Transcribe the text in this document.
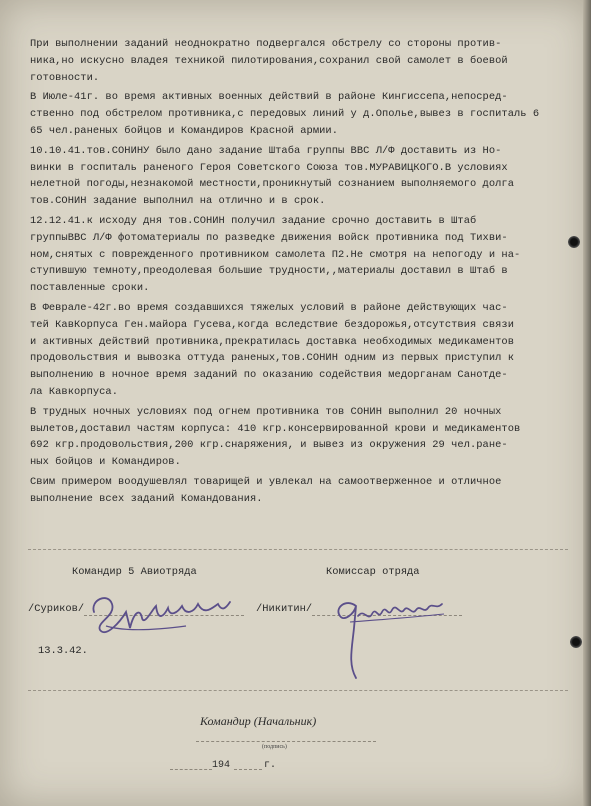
При выполнении заданий неоднократно подвергался обстрелу со стороны против-
ника,но искусно владея техникой пилотирования,сохранил свой самолет в боевой
готовности.
В Июле-41г. во время активных военных действий в районе Кингиссепа,непосред-
ственно под обстрелом противника,с передовых линий у д.Ополье,вывез в госпиталь 6
65 чел.раненых бойцов и Командиров Красной армии.
10.10.41.тов.СОНИНУ было дано задание Штаба группы ВВС Л/Ф доставить из Но-
винки в госпиталь раненого Героя Советского Союза тов.МУРАВИЦКОГО.В условиях
нелетной погоды,незнакомой местности,проникнутый сознанием выполняемого долга
тов.СОНИН задание выполнил на отлично и в срок.
12.12.41.к исходу дня тов.СОНИН получил задание срочно доставить в Штаб
группыВВС Л/Ф фотоматериалы по разведке движения войск противника под Тихви-
ном,снятых с поврежденного противником самолета П2.Не смотря на непогоду и на-
ступившую темноту,преодолевая большие трудности,,материалы доставил в Штаб в
поставленные сроки.
В Феврале-42г.во время создавшихся тяжелых условий в районе действующих час-
тей КавКорпуса Ген.майора Гусева,когда вследствие бездорожья,отсутствия связи
и активных действий противника,прекратилась доставка необходимых медикаментов
продовольствия и вывозка оттуда раненых,тов.СОНИН одним из первых приступил к
выполнению в ночное время заданий по оказанию содействия медорганам Санотде-
ла Кавкорпуса.
В трудных ночных условиях под огнем противника тов СОНИН выполнил 20 ночных
вылетов,доставил частям корпуса: 410 кгр.консервированной крови и медикаментов
692 кгр.продовольствия,200 кгр.снаряжения, и вывез из окружения 29 чел.ране-
ных бойцов и Командиров.
Свим примером воодушевлял товарищей и увлекал на самоотверженное и отличное
выполнение всех заданий Командования.
Командир 5 Авиотряда	Комиссар отряда
/Суриков/	/Никитин/
13.3.42.
Командир (Начальник)
(подпись)
194	г.
